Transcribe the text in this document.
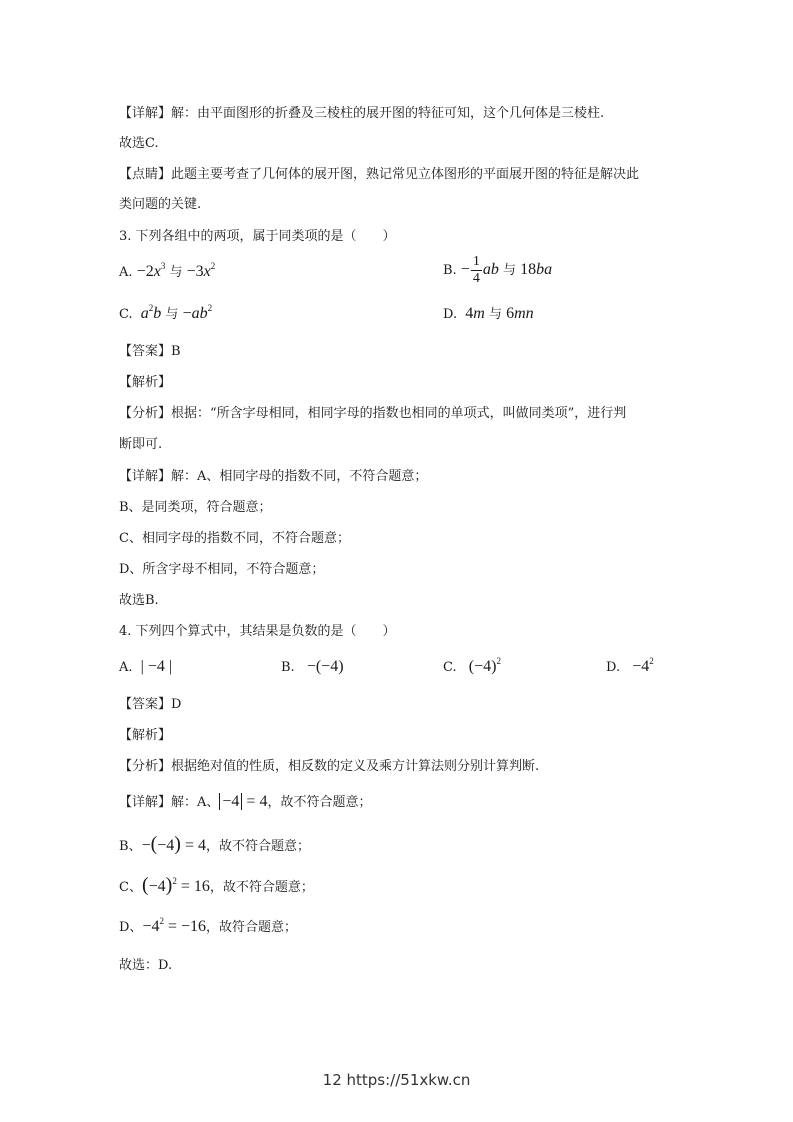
【详解】解：由平面图形的折叠及三棱柱的展开图的特征可知，这个几何体是三棱柱.
故选C.
【点睛】此题主要考查了几何体的展开图，熟记常见立体图形的平面展开图的特征是解决此
类问题的关键.
3. 下列各组中的两项，属于同类项的是（　　）
A. $-2x^3$ 与 $-3x^2$	B. − $\frac{1}{4}$ ab 与 18ba
C. $a^2b$ 与 $-ab^2$	D.  4m 与 6mn
【答案】B
【解析】
【分析】根据：“所含字母相同，相同字母的指数也相同的单项式，叫做同类项”，进行判
断即可.
【详解】解：A、相同字母的指数不同，不符合题意；
B、是同类项，符合题意；
C、相同字母的指数不同，不符合题意；
D、所含字母不相同，不符合题意；
故选B.
4. 下列四个算式中，其结果是负数的是（　　）
A.  | −4 |	B.   −(−4)	C.   $(-4)^2$	D.   $-4^2$
【答案】D
【解析】
【分析】根据绝对值的性质，相反数的定义及乘方计算法则分别计算判断.
【详解】解：A、 −4 = 4，故不符合题意；
B、−(−4) = 4，故不符合题意；
C、$(-4)^2 = 16$，故不符合题意；
D、$-4^2 = -16$，故符合题意；
故选：D.
12 https://51xkw.cn
